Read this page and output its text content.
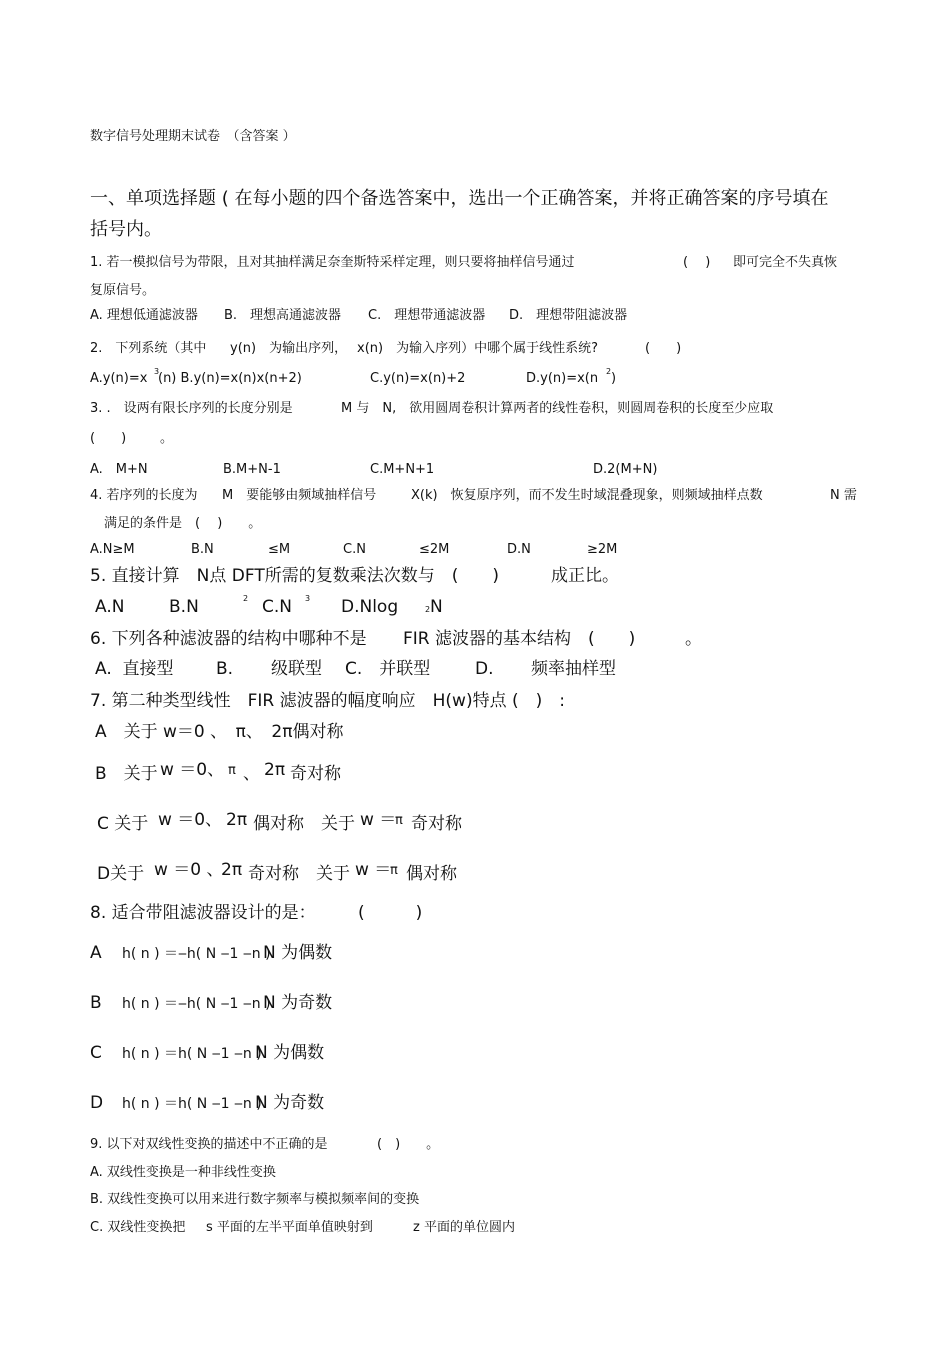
数字信号处理期末试卷　（含答案 ）
一、单项选择题 ( 在每小题的四个备选答案中，选出一个正确答案，并将正确答案的序号填在
括号内。
1. 若一模拟信号为带限，且对其抽样满足奈奎斯特采样定理，则只要将抽样信号通过	(　 ) 即可完全不失真恢
复原信号。
A. 理想低通滤波器 B.　理想高通滤波器 C.　理想带通滤波器 D.　理想带阻滤波器
2.　下列系统（其中 y(n)　为输出序列， x(n)　为输入序列）中哪个属于线性系统?	(　　)
A.y(n)=x 3
(n) B.y(n)=x(n)x(n+2)	C.y(n)=x(n)+2	D.y(n)=x(n 2 )
3. .　设两有限长序列的长度分别是	M 与　N,　欲用圆周卷积计算两者的线性卷积，则圆周卷积的长度至少应取
(　　)	。
A.　M+N	B.M+N-1	C.M+N+1	D.2(M+N)
4. 若序列的长度为 M　要能够由频域抽样信号	X(k)　恢复原序列，而不发生时域混叠现象，则频域抽样点数	N 需
满足的条件是　(　 )　　。
A.N≥M	B.N	≤M	C.N	≤2M	D.N	≥2M
5. 直接计算　N点 DFT所需的复数乘法次数与　(　　)	成正比。
A.N	B.N	2 C.N 3 D.Nlog	2 N
6. 下列各种滤波器的结构中哪种不是 FIR 滤波器的基本结构　(　　)	。
A.  直接型 B. 级联型 C.　并联型	D. 频率抽样型
7. 第二种类型线性　FIR 滤波器的幅度响应　H(w)特点 (　)　:
A　关于 w＝0 、　π、　2π偶对称
B　关于 w ＝0、 π 、 2π 奇对称
C 关于 w ＝0、 2π 偶对称　关于 w ＝
π 奇对称
D关于 w ＝0 、
2π 奇对称　关于 w ＝
π 偶对称
8. 适合带阻滤波器设计的是： (　　　)
A h( n ) ＝‒h( N ‒1 ‒n )
N 为偶数
B h( n ) ＝‒h( N ‒1 ‒n )
N 为奇数
C h( n ) ＝h( N ‒1 ‒n )
N 为偶数
D h( n ) ＝h( N ‒1 ‒n )
N 为奇数
9. 以下对双线性变换的描述中不正确的是	(　)　　。
A. 双线性变换是一种非线性变换
B. 双线性变换可以用来进行数字频率与模拟频率间的变换
C. 双线性变换把 s 平面的左半平面单值映射到	z 平面的单位圆内
